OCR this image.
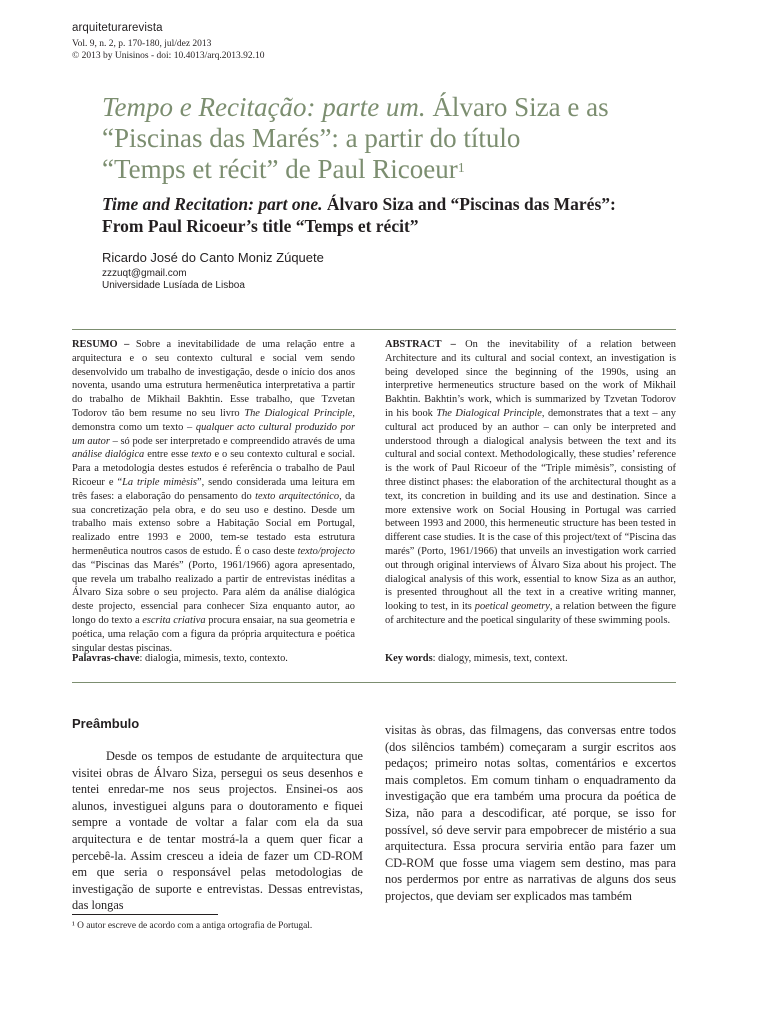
arquiteturarevista
Vol. 9, n. 2, p. 170-180, jul/dez 2013
© 2013 by Unisinos - doi: 10.4013/arq.2013.92.10
Tempo e Recitação: parte um. Álvaro Siza e as
“Piscinas das Marés”: a partir do título
“Temps et récit” de Paul Ricoeur$^1$
Time and Recitation: part one. Álvaro Siza and “Piscinas das Marés”:
From Paul Ricoeur’s title “Temps et récit”
Ricardo José do Canto Moniz Zúquete
zzzuqt@gmail.com
Universidade Lusíada de Lisboa
RESUMO – Sobre a inevitabilidade de uma relação entre a arquitectura e o seu contexto cultural e social vem sendo desenvolvido um trabalho de investigação, desde o início dos anos noventa, usando uma estrutura hermenêutica interpretativa a partir do trabalho de Mikhail Bakhtin. Esse trabalho, que Tzvetan Todorov tão bem resume no seu livro The Dialogical Principle, demonstra como um texto – qualquer acto cultural produzido por um autor – só pode ser interpretado e compreendido através de uma análise dialógica entre esse texto e o seu contexto cultural e social. Para a metodologia destes estudos é referência o trabalho de Paul Ricoeur e “La triple mimèsis”, sendo considerada uma leitura em três fases: a elaboração do pensamento do texto arquitectónico, da sua concretização pela obra, e do seu uso e destino. Desde um trabalho mais extenso sobre a Habitação Social em Portugal, realizado entre 1993 e 2000, tem-se testado esta estrutura hermenêutica noutros casos de estudo. É o caso deste texto/projecto das “Piscinas das Marés” (Porto, 1961/1966) agora apresentado, que revela um trabalho realizado a partir de entrevistas inéditas a Álvaro Siza sobre o seu projecto. Para além da análise dialógica deste projecto, essencial para conhecer Siza enquanto autor, ao longo do texto a escrita criativa procura ensaiar, na sua geometria e poética, uma relação com a figura da própria arquitectura e poética singular destas piscinas.
ABSTRACT – On the inevitability of a relation between Architecture and its cultural and social context, an investigation is being developed since the beginning of the 1990s, using an interpretive hermeneutics structure based on the work of Mikhail Bakhtin. Bakhtin’s work, which is summarized by Tzvetan Todorov in his book The Dialogical Principle, demonstrates that a text – any cultural act produced by an author – can only be interpreted and understood through a dialogical analysis between the text and its cultural and social context. Methodologically, these studies’ reference is the work of Paul Ricoeur of the “Triple mimèsis”, consisting of three distinct phases: the elaboration of the architectural thought as a text, its concretion in building and its use and destination. Since a more extensive work on Social Housing in Portugal was carried between 1993 and 2000, this hermeneutic structure has been tested in different case studies. It is the case of this project/text of “Piscina das marés” (Porto, 1961/1966) that unveils an investigation work carried out through original interviews of Álvaro Siza about his project. The dialogical analysis of this work, essential to know Siza as an author, is presented throughout all the text in a creative writing manner, looking to test, in its poetical geometry, a relation between the figure of architecture and the poetical singularity of these swimming pools.
Palavras-chave: dialogia, mimesis, texto, contexto.	Key words: dialogy, mimesis, text, context.
Preâmbulo
Desde os tempos de estudante de arquitectura que visitei obras de Álvaro Siza, persegui os seus desenhos e tentei enredar-me nos seus projectos. Ensinei-os aos alunos, investiguei alguns para o doutoramento e fiquei sempre a vontade de voltar a falar com ela da sua arquitectura e de tentar mostrá-la a quem quer ficar a percebê-la. Assim cresceu a ideia de fazer um CD-ROM em que seria o responsável pelas metodologias de investigação de suporte e entrevistas. Dessas entrevistas, das longas
visitas às obras, das filmagens, das conversas entre todos (dos silêncios também) começaram a surgir escritos aos pedaços; primeiro notas soltas, comentários e excertos mais completos. Em comum tinham o enquadramento da investigação que era também uma procura da poética de Siza, não para a descodificar, até porque, se isso for possível, só deve servir para empobrecer de mistério a sua arquitectura. Essa procura serviria então para fazer um CD-ROM que fosse uma viagem sem destino, mas para nos perdermos por entre as narrativas de alguns dos seus projectos, que deviam ser explicados mas também
¹ O autor escreve de acordo com a antiga ortografia de Portugal.
